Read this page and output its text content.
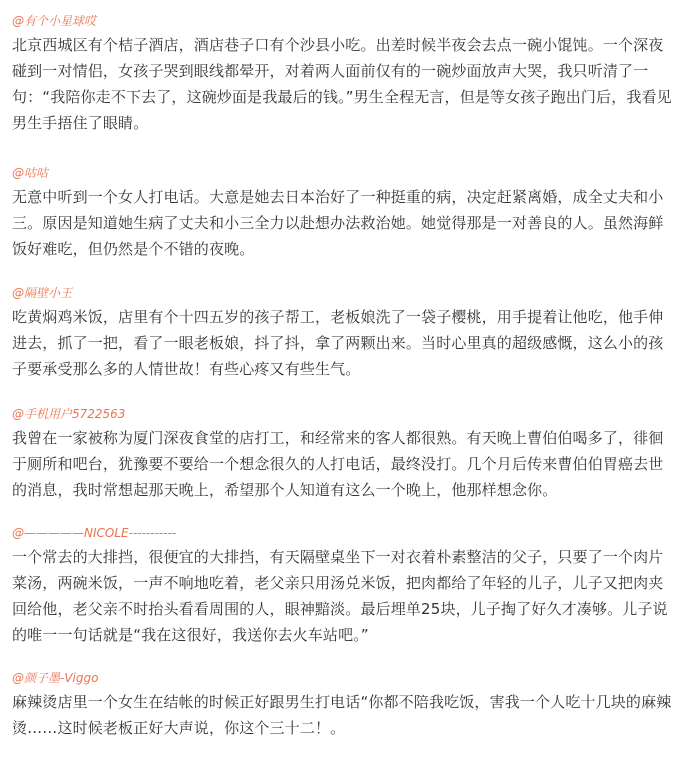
@有个小星球哎

北京西城区有个桔子酒店，酒店巷子口有个沙县小吃。出差时候半夜会去点一碗小馄饨。一个深夜碰到一对情侣，女孩子哭到眼线都晕开，对着两人面前仅有的一碗炒面放声大哭，我只听清了一句：“我陪你走不下去了，这碗炒面是我最后的钱。”男生全程无言，但是等女孩子跑出门后，我看见男生手捂住了眼睛。

@咕咕

无意中听到一个女人打电话。大意是她去日本治好了一种挺重的病，决定赶紧离婚，成全丈夫和小三。原因是知道她生病了丈夫和小三全力以赴想办法救治她。她觉得那是一对善良的人。虽然海鲜饭好难吃，但仍然是个不错的夜晚。

@隔壁小王

吃黄焖鸡米饭，店里有个十四五岁的孩子帮工，老板娘洗了一袋子樱桃，用手提着让他吃，他手伸进去，抓了一把，看了一眼老板娘，抖了抖，拿了两颗出来。当时心里真的超级感慨，这么小的孩子要承受那么多的人情世故！有些心疼又有些生气。

@手机用户5722563

我曾在一家被称为厦门深夜食堂的店打工，和经常来的客人都很熟。有天晚上曹伯伯喝多了，徘徊于厕所和吧台，犹豫要不要给一个想念很久的人打电话，最终没打。几个月后传来曹伯伯胃癌去世的消息，我时常想起那天晚上，希望那个人知道有这么一个晚上，他那样想念你。

@—————NICOLE-----------

一个常去的大排挡，很便宜的大排挡，有天隔壁桌坐下一对衣着朴素整洁的父子，只要了一个肉片菜汤，两碗米饭，一声不响地吃着，老父亲只用汤兑米饭，把肉都给了年轻的儿子，儿子又把肉夹回给他，老父亲不时抬头看看周围的人，眼神黯淡。最后埋单25块，儿子掏了好久才凑够。儿子说的唯一一句话就是“我在这很好，我送你去火车站吧。”

@颜子墨-Viggo

麻辣烫店里一个女生在结帐的时候正好跟男生打电话“你都不陪我吃饭，害我一个人吃十几块的麻辣烫……这时候老板正好大声说，你这个三十二！。
